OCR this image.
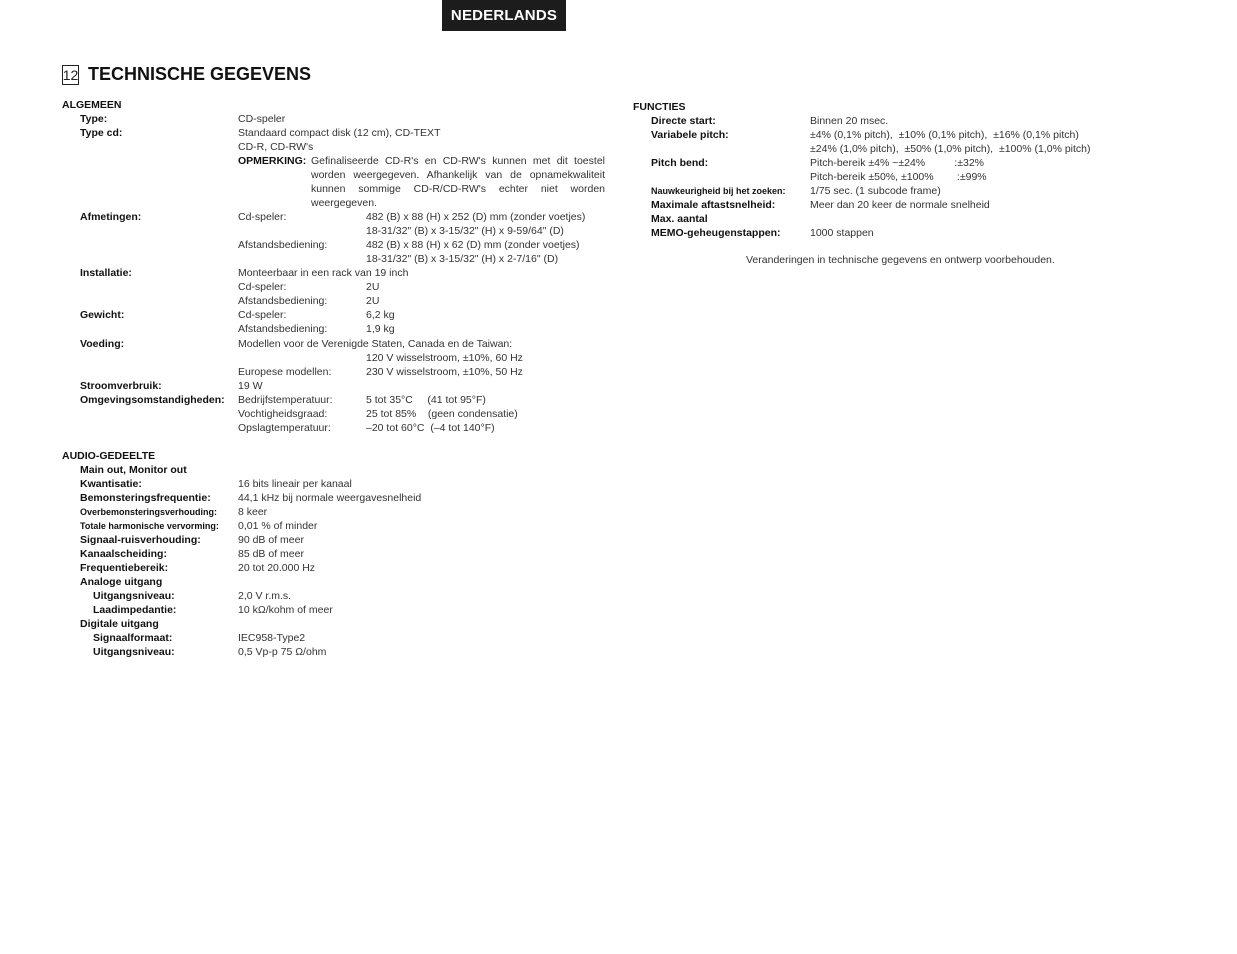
NEDERLANDS
12 TECHNISCHE GEGEVENS
ALGEMEEN
Type:	CD-speler
Type cd:	Standaard compact disk (12 cm), CD-TEXT
CD-R, CD-RW's
OPMERKING: Gefinaliseerde CD-R's en CD-RW's kunnen met dit toestel worden weergegeven. Afhankelijk van de opnamekwaliteit kunnen sommige CD-R/CD-RW's echter niet worden weergegeven.
Afmetingen:	Cd-speler:	482 (B) x 88 (H) x 252 (D) mm (zonder voetjes)
18-31/32" (B) x 3-15/32" (H) x 9-59/64" (D)
Afstandsbediening:	482 (B) x 88 (H) x 62 (D) mm (zonder voetjes)
18-31/32" (B) x 3-15/32" (H) x 2-7/16" (D)
Installatie:	Monteerbaar in een rack van 19 inch
Cd-speler:	2U
Afstandsbediening:	2U
Gewicht:	Cd-speler:	6,2 kg
Afstandsbediening:	1,9 kg
Voeding:	Modellen voor de Verenigde Staten, Canada en de Taiwan:
120 V wisselstroom, ±10%, 60 Hz
Europese modellen:	230 V wisselstroom, ±10%, 50 Hz
Stroomverbruik:	19 W
Omgevingsomstandigheden: Bedrijfstemperatuur:	5 tot 35°C     (41 tot 95°F)
Vochtigheidsgraad:	25 tot 85%    (geen condensatie)
Opslagtemperatuur:	–20 tot 60°C  (–4 tot 140°F)
AUDIO-GEDEELTE
Main out, Monitor out
Kwantisatie:	16 bits lineair per kanaal
Bemonsteringsfrequentie:	44,1 kHz bij normale weergavesnelheid
Overbemonsteringsverhouding: 8 keer
Totale harmonische vervorming: 0,01 % of minder
Signaal-ruisverhouding:	90 dB of meer
Kanaalscheiding:	85 dB of meer
Frequentiebereik:	20 tot 20.000 Hz
Analoge uitgang
Uitgangsniveau:	2,0 V r.m.s.
Laadimpedantie:	10 kΩ/kohm of meer
Digitale uitgang
Signaalformaat:	IEC958-Type2
Uitgangsniveau:	0,5 Vp-p 75 Ω/ohm
FUNCTIES
Directe start:	Binnen 20 msec.
Variabele pitch:	±4% (0,1% pitch),  ±10% (0,1% pitch),  ±16% (0,1% pitch)
±24% (1,0% pitch),  ±50% (1,0% pitch),  ±100% (1,0% pitch)
Pitch bend:	Pitch-bereik ±4% ~±24%          :±32%
Pitch-bereik ±50%, ±100%        :±99%
Nauwkeurigheid bij het zoeken: 1/75 sec. (1 subcode frame)
Maximale aftastsnelheid:	Meer dan 20 keer de normale snelheid
Max. aantal
MEMO-geheugenstappen:	1000 stappen
Veranderingen in technische gegevens en ontwerp voorbehouden.
